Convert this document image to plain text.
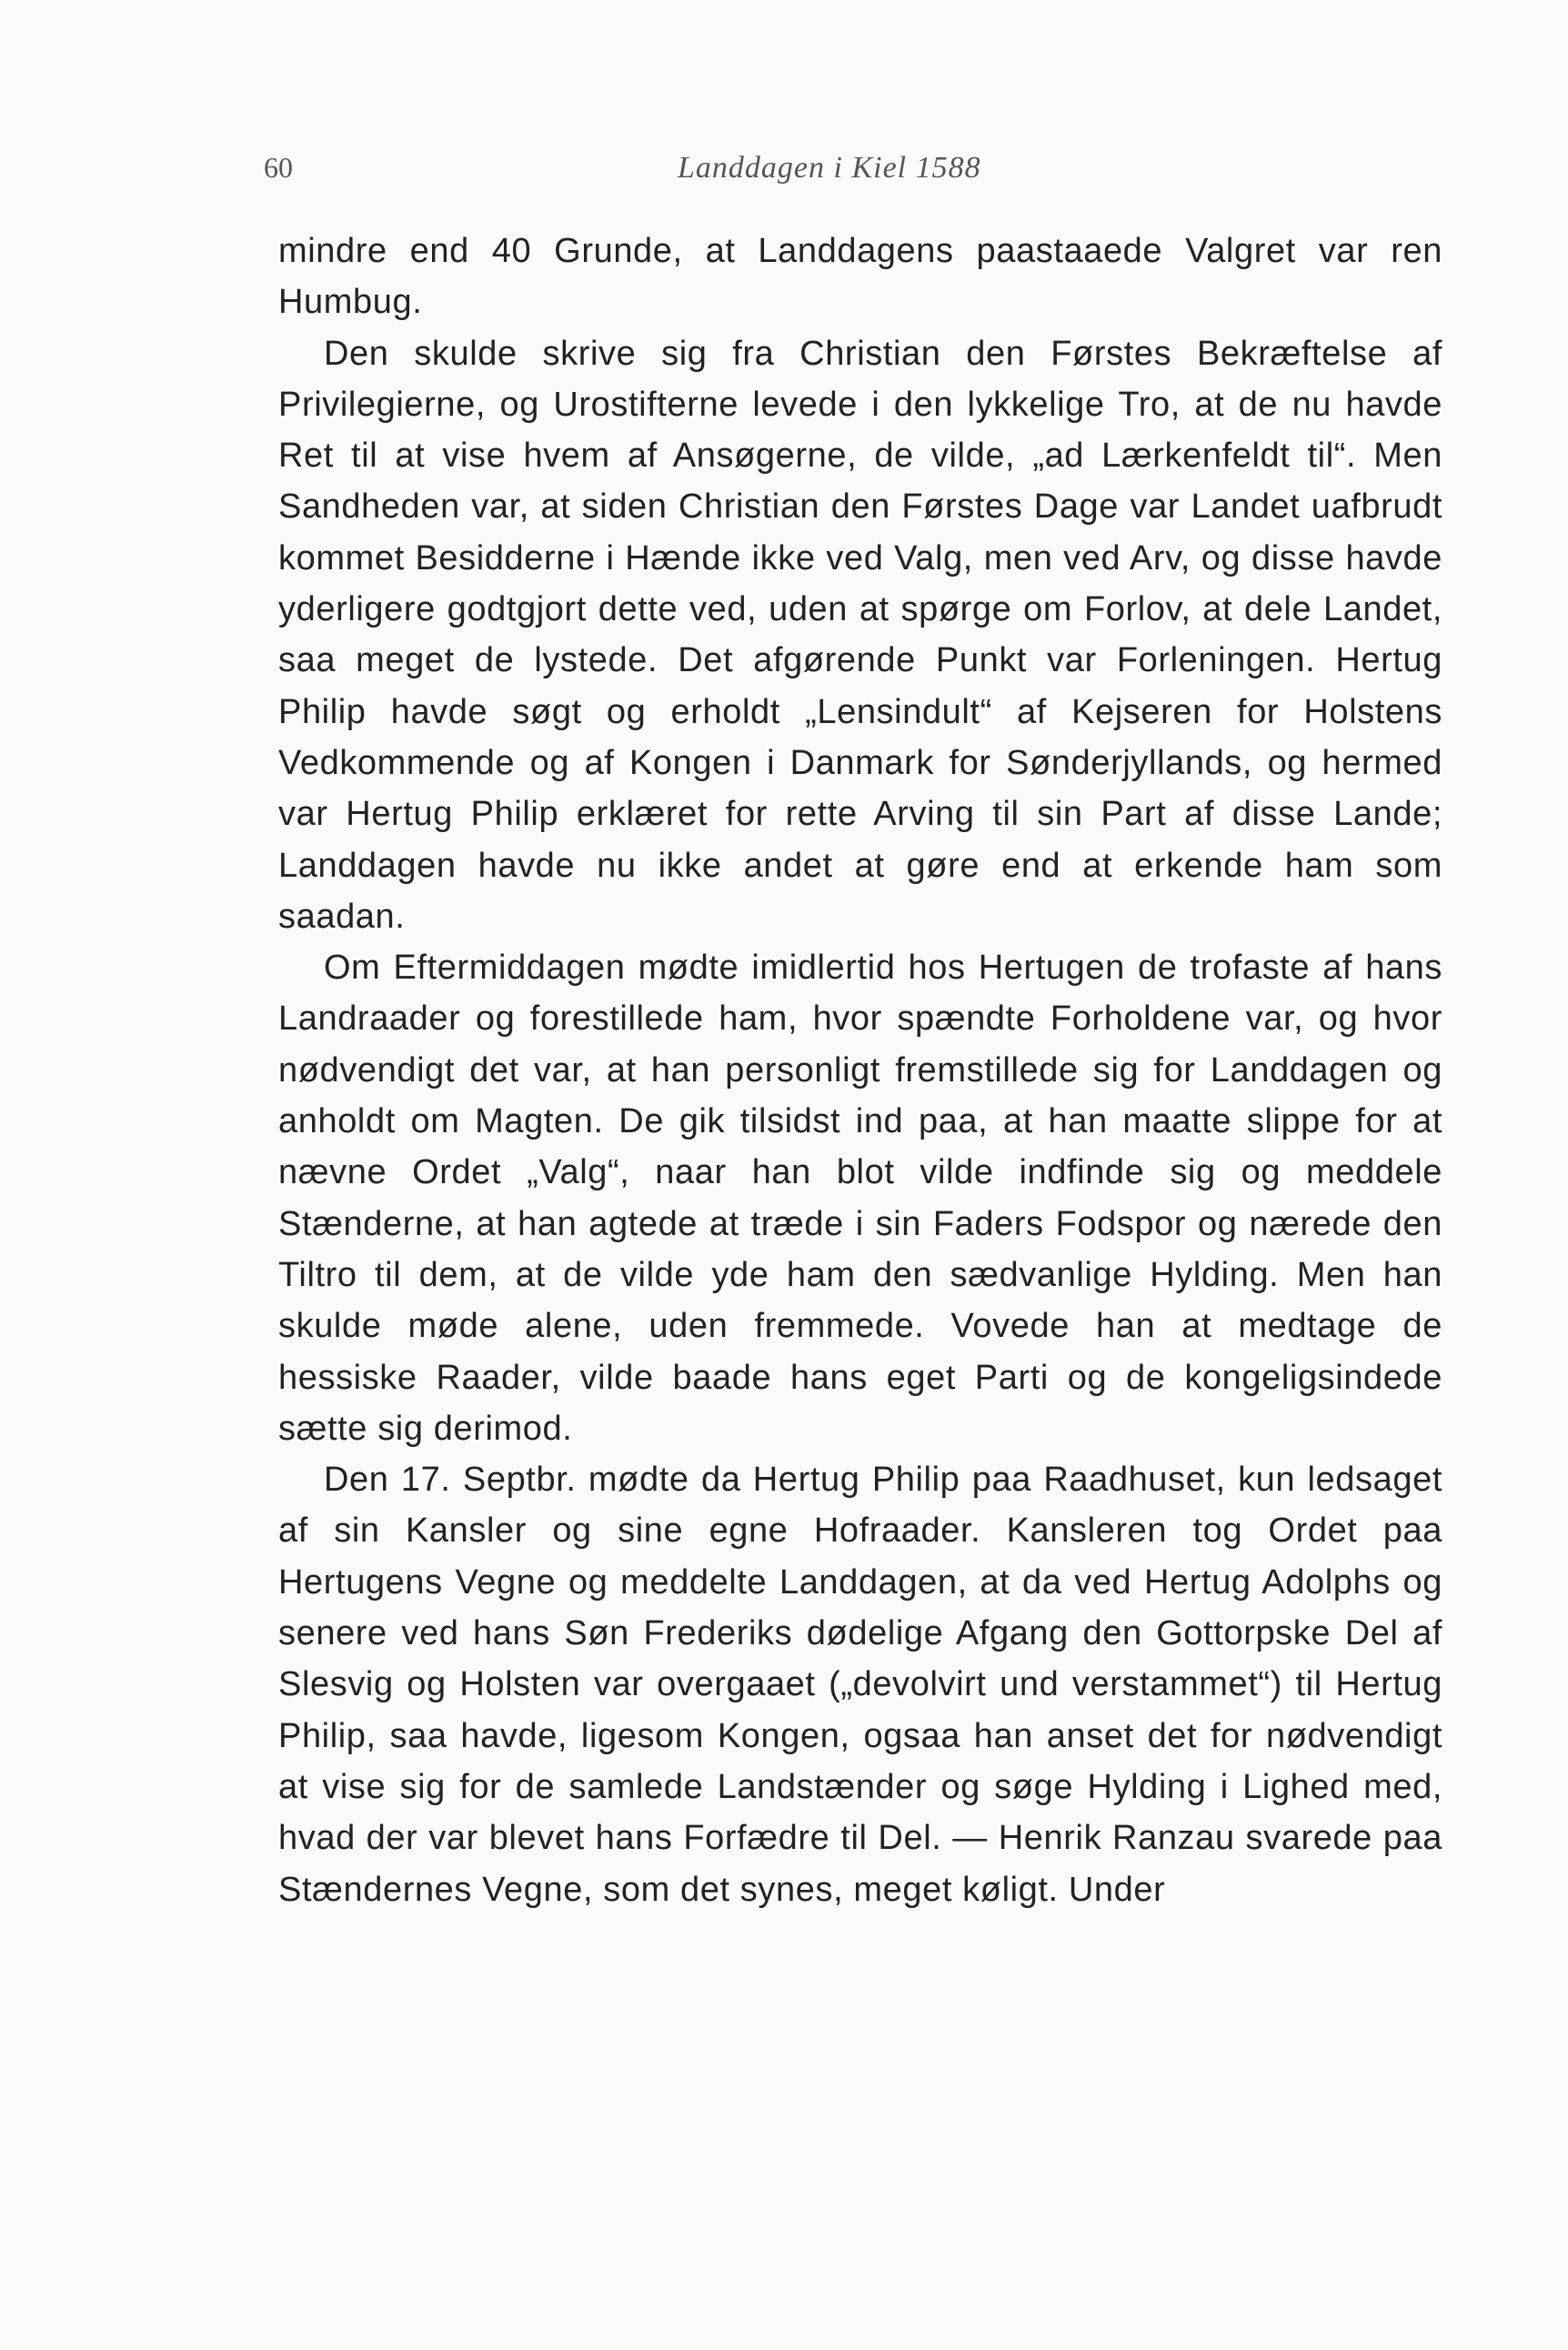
60	Landdagen i Kiel 1588

mindre end 40 Grunde, at Landdagens paastaaede Valgret var ren Humbug.

Den skulde skrive sig fra Christian den Førstes Bekræftelse af Privilegierne, og Urostifterne levede i den lykkelige Tro, at de nu havde Ret til at vise hvem af Ansøgerne, de vilde, „ad Lærkenfeldt til“. Men Sandheden var, at siden Christian den Førstes Dage var Landet uafbrudt kommet Besidderne i Hænde ikke ved Valg, men ved Arv, og disse havde yderligere godtgjort dette ved, uden at spørge om Forlov, at dele Landet, saa meget de lystede. Det afgørende Punkt var Forleningen. Hertug Philip havde søgt og erholdt „Lensindult“ af Kejseren for Holstens Vedkommende og af Kongen i Danmark for Sønderjyllands, og hermed var Hertug Philip erklæret for rette Arving til sin Part af disse Lande; Landdagen havde nu ikke andet at gøre end at erkende ham som saadan.

Om Eftermiddagen mødte imidlertid hos Hertugen de trofaste af hans Landraader og forestillede ham, hvor spændte Forholdene var, og hvor nødvendigt det var, at han personligt fremstillede sig for Landdagen og anholdt om Magten. De gik tilsidst ind paa, at han maatte slippe for at nævne Ordet „Valg“, naar han blot vilde indfinde sig og meddele Stænderne, at han agtede at træde i sin Faders Fodspor og nærede den Tiltro til dem, at de vilde yde ham den sædvanlige Hylding. Men han skulde møde alene, uden fremmede. Vovede han at medtage de hessiske Raader, vilde baade hans eget Parti og de kongeligsindede sætte sig derimod.

Den 17. Septbr. mødte da Hertug Philip paa Raadhuset, kun ledsaget af sin Kansler og sine egne Hofraader. Kansleren tog Ordet paa Hertugens Vegne og meddelte Landdagen, at da ved Hertug Adolphs og senere ved hans Søn Frederiks dødelige Afgang den Gottorpske Del af Slesvig og Holsten var overgaaet („devolvirt und verstammet“) til Hertug Philip, saa havde, ligesom Kongen, ogsaa han anset det for nødvendigt at vise sig for de samlede Landstænder og søge Hylding i Lighed med, hvad der var blevet hans Forfædre til Del. — Henrik Ranzau svarede paa Stændernes Vegne, som det synes, meget køligt. Under
